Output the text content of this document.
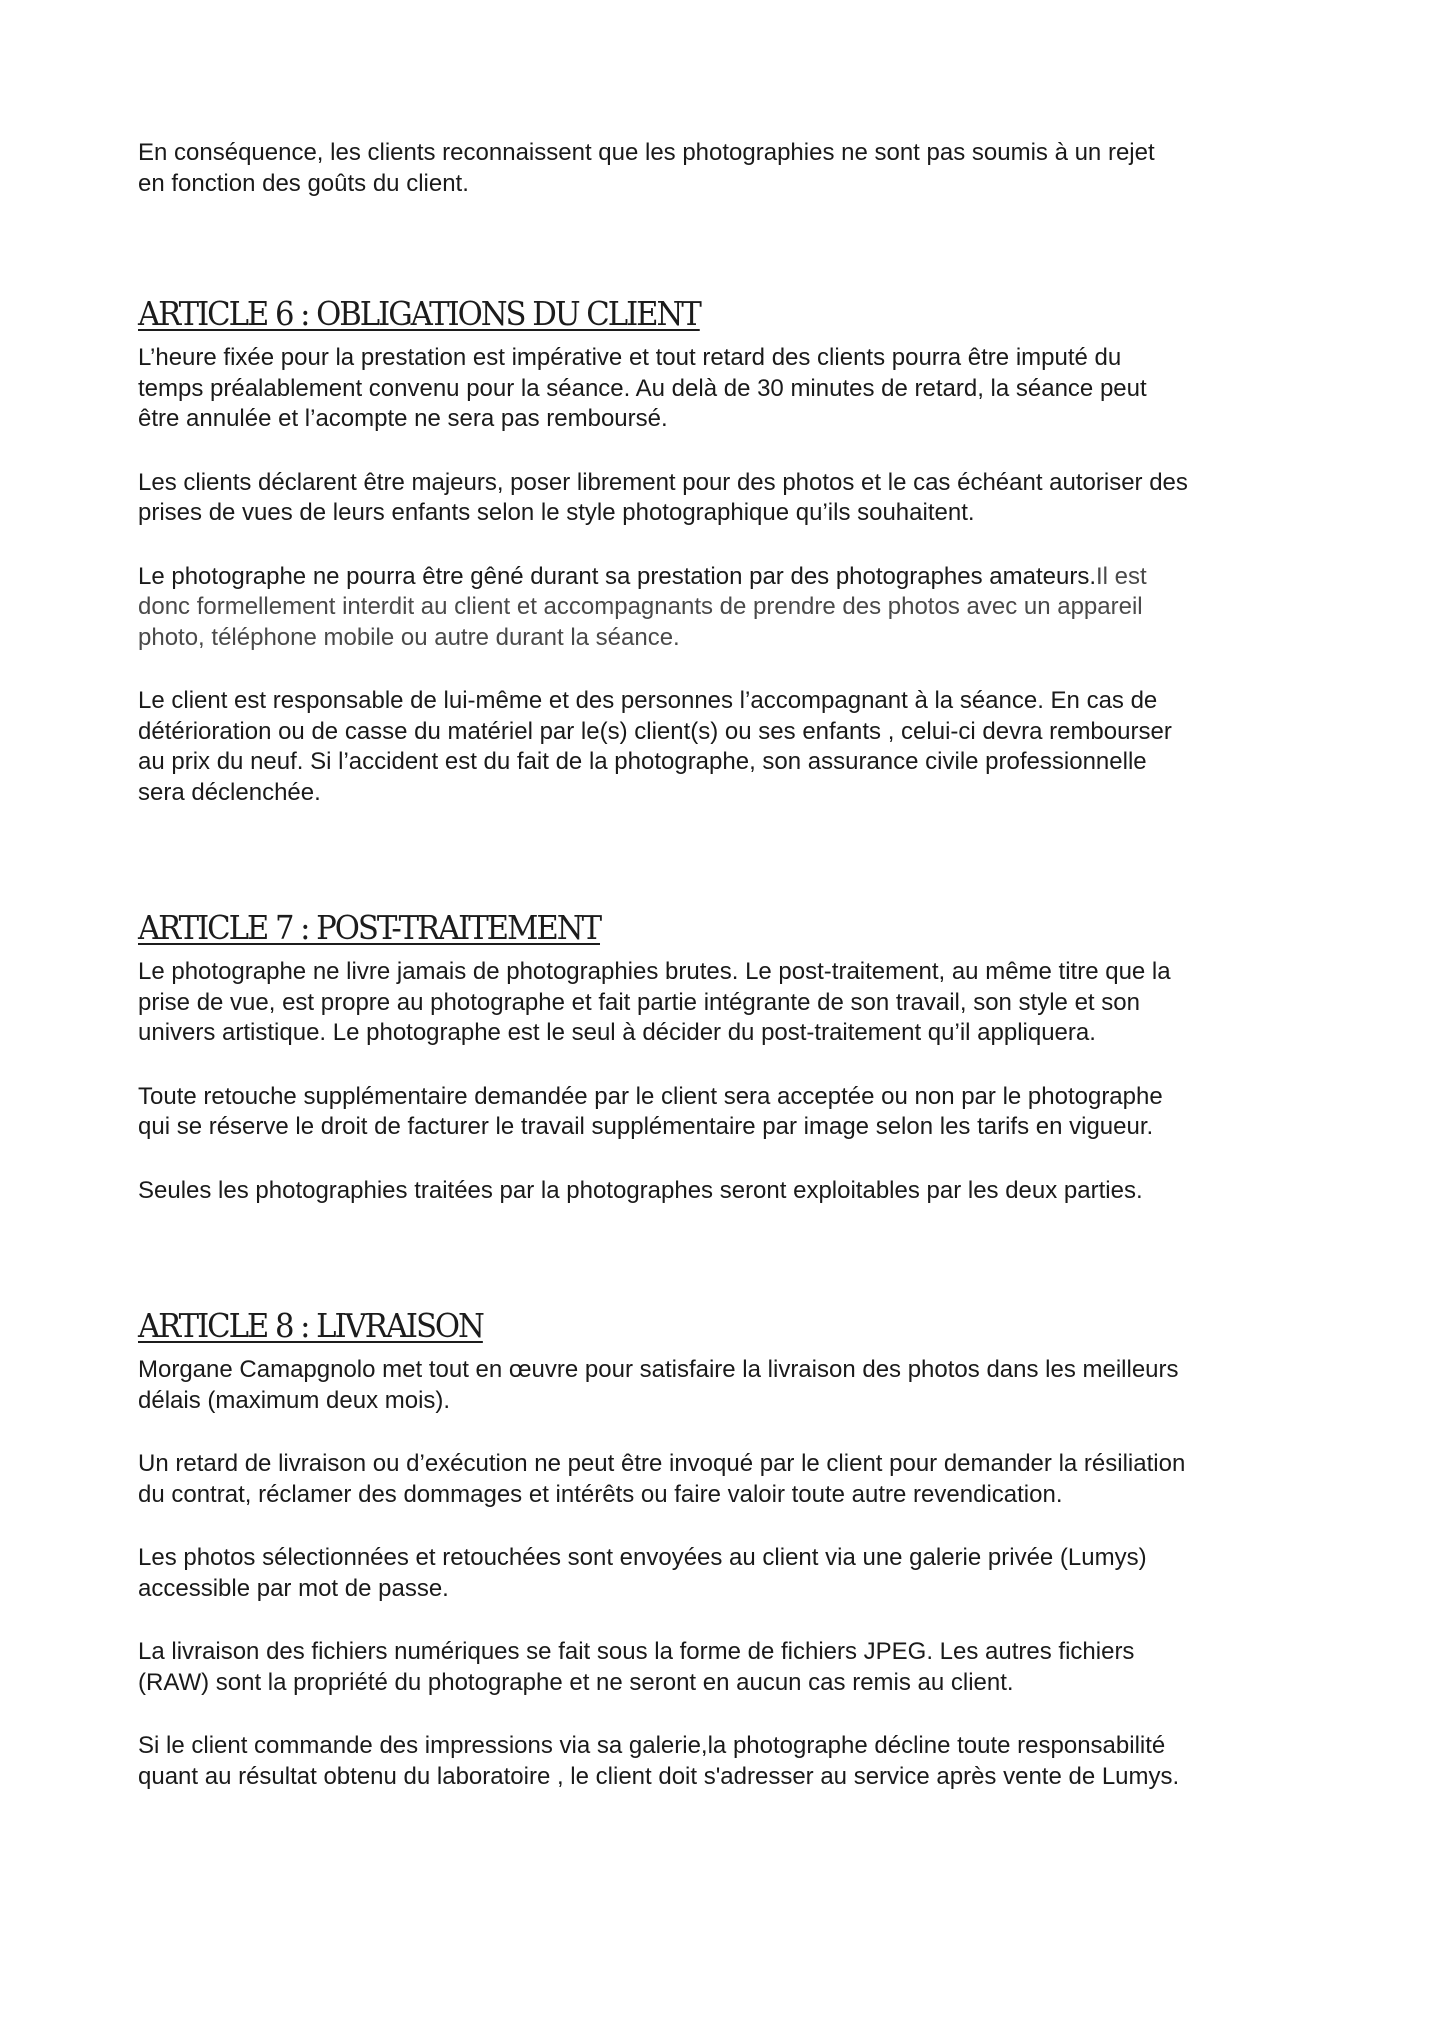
En conséquence, les clients reconnaissent que les photographies ne sont pas soumis à un rejet
en fonction des goûts du client.

ARTICLE 6 : OBLIGATIONS DU CLIENT

L’heure fixée pour la prestation est impérative et tout retard des clients pourra être imputé du
temps préalablement convenu pour la séance. Au delà de 30 minutes de retard, la séance peut
être annulée et l’acompte ne sera pas remboursé.

Les clients déclarent être majeurs, poser librement pour des photos et le cas échéant autoriser des
prises de vues de leurs enfants selon le style photographique qu’ils souhaitent.

Le photographe ne pourra être gêné durant sa prestation par des photographes amateurs.Il est
donc formellement interdit au client et accompagnants de prendre des photos avec un appareil
photo, téléphone mobile ou autre durant la séance.

Le client est responsable de lui-même et des personnes l’accompagnant à la séance. En cas de
détérioration ou de casse du matériel par le(s) client(s) ou ses enfants , celui-ci devra rembourser
au prix du neuf. Si l’accident est du fait de la photographe, son assurance civile professionnelle
sera déclenchée.

ARTICLE 7 : POST-TRAITEMENT

Le photographe ne livre jamais de photographies brutes. Le post-traitement, au même titre que la
prise de vue, est propre au photographe et fait partie intégrante de son travail, son style et son
univers artistique. Le photographe est le seul à décider du post-traitement qu’il appliquera.

Toute retouche supplémentaire demandée par le client sera acceptée ou non par le photographe
qui se réserve le droit de facturer le travail supplémentaire par image selon les tarifs en vigueur.

Seules les photographies traitées par la photographes seront exploitables par les deux parties.

ARTICLE 8 : LIVRAISON

Morgane Camapgnolo met tout en œuvre pour satisfaire la livraison des photos dans les meilleurs
délais (maximum deux mois).

Un retard de livraison ou d’exécution ne peut être invoqué par le client pour demander la résiliation
du contrat, réclamer des dommages et intérêts ou faire valoir toute autre revendication.

Les photos sélectionnées et retouchées sont envoyées au client via une galerie privée (Lumys)
accessible par mot de passe.

La livraison des fichiers numériques se fait sous la forme de fichiers JPEG. Les autres fichiers
(RAW) sont la propriété du photographe et ne seront en aucun cas remis au client.

Si le client commande des impressions via sa galerie,la photographe décline toute responsabilité
quant au résultat obtenu du laboratoire , le client doit s'adresser au service après vente de Lumys.
